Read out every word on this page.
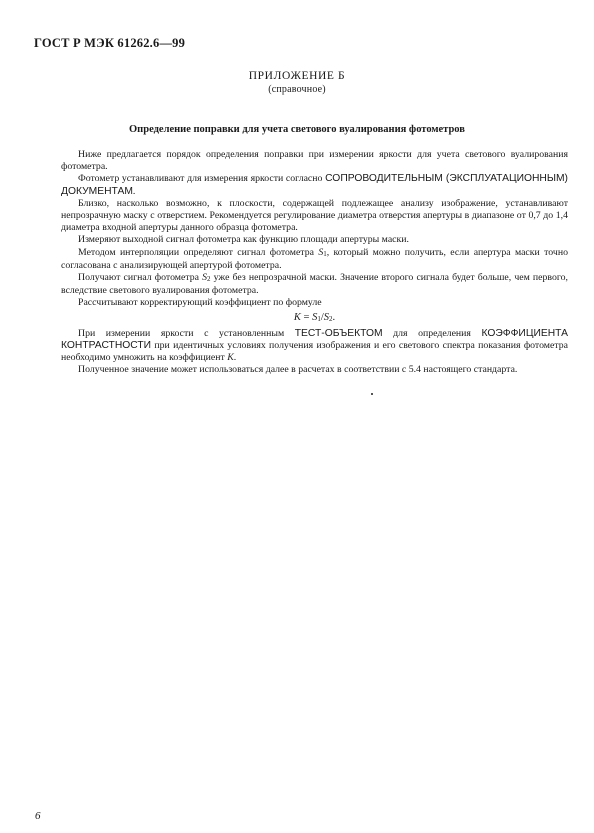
ГОСТ Р МЭК 61262.6—99
ПРИЛОЖЕНИЕ Б
(справочное)
Определение поправки для учета светового вуалирования фотометров

Ниже предлагается порядок определения поправки при измерении яркости для учета светового вуалирования фотометра.

Фотометр устанавливают для измерения яркости согласно СОПРОВОДИТЕЛЬНЫМ (ЭКСПЛУАТАЦИОННЫМ) ДОКУМЕНТАМ.

Близко, насколько возможно, к плоскости, содержащей подлежащее анализу изображение, устанавливают непрозрачную маску с отверстием. Рекомендуется регулирование диаметра отверстия апертуры в диапазоне от 0,7 до 1,4 диаметра входной апертуры данного образца фотометра.

Измеряют выходной сигнал фотометра как функцию площади апертуры маски.

Методом интерполяции определяют сигнал фотометра $S_1$, который можно получить, если апертура маски точно согласована с анализирующей апертурой фотометра.

Получают сигнал фотометра $S_2$ уже без непрозрачной маски. Значение второго сигнала будет больше, чем первого, вследствие светового вуалирования фотометра.

Рассчитывают корректирующий коэффициент по формуле

$K = S_1/S_2$.

При измерении яркости с установленным ТЕСТ-ОБЪЕКТОМ для определения КОЭФФИЦИЕНТА КОНТРАСТНОСТИ при идентичных условиях получения изображения и его светового спектра показания фотометра необходимо умножить на коэффициент K.

Полученное значение может использоваться далее в расчетах в соответствии с 5.4 настоящего стандарта.

6
